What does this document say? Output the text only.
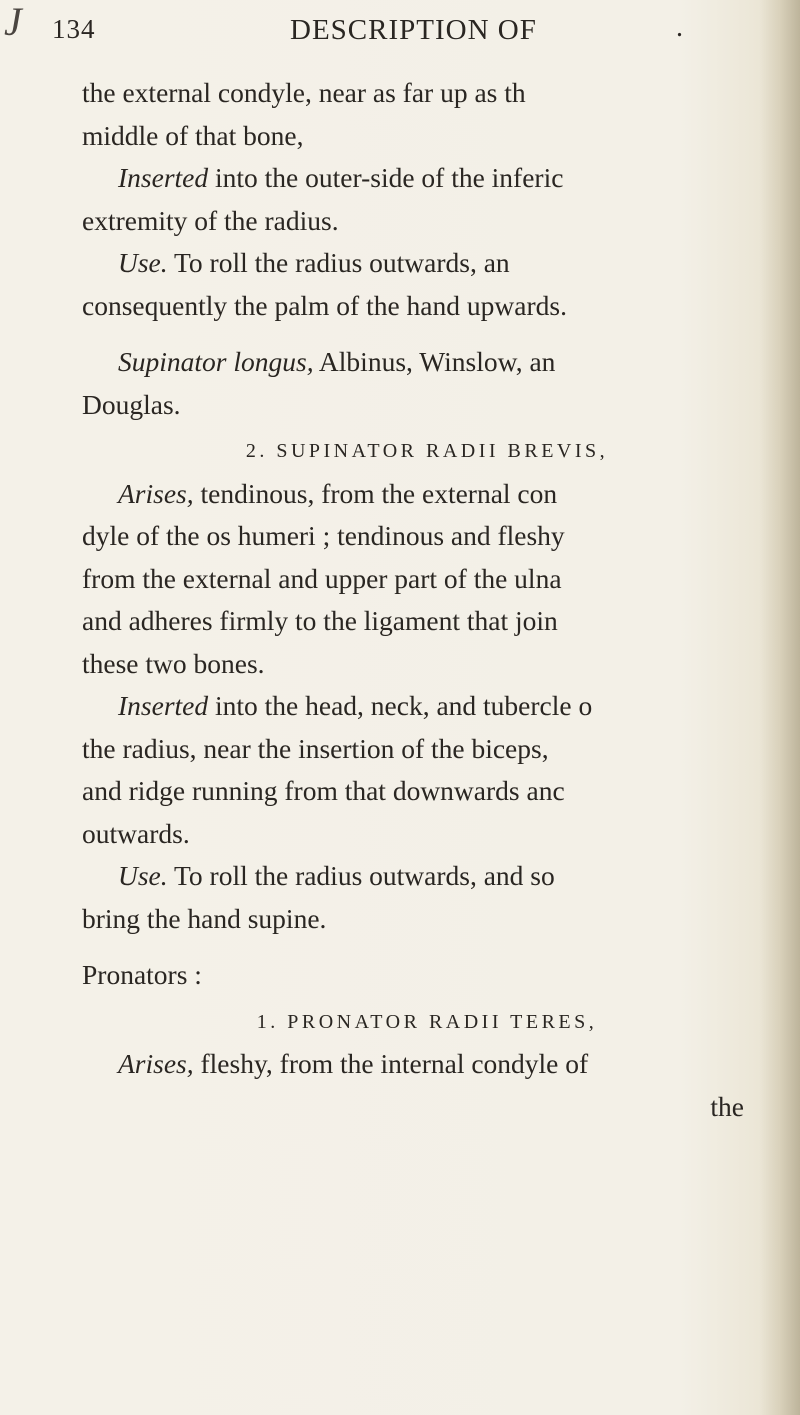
J 134	DESCRIPTION OF	.
the external condyle, near as far up as th
middle of that bone,
Inserted into the outer-side of the inferic
extremity of the radius.
Use. To roll the radius outwards, an
consequently the palm of the hand upwards.
Supinator longus, Albinus, Winslow, an
Douglas.
2. SUPINATOR RADII BREVIS,
Arises, tendinous, from the external con
dyle of the os humeri ; tendinous and fleshy
from the external and upper part of the ulna
and adheres firmly to the ligament that join
these two bones.
Inserted into the head, neck, and tubercle o
the radius, near the insertion of the biceps,
and ridge running from that downwards anc
outwards.
Use. To roll the radius outwards, and so
bring the hand supine.
Pronators :
1. PRONATOR RADII TERES,
Arises, fleshy, from the internal condyle of
the
